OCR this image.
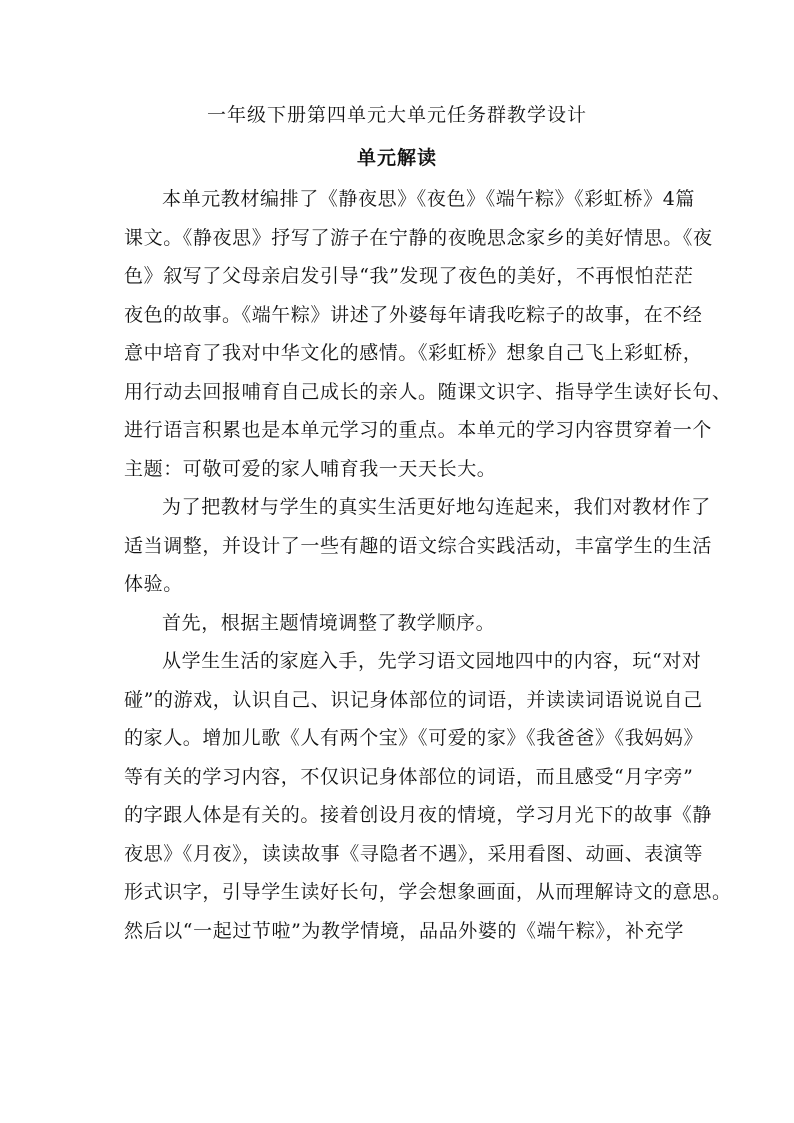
一年级下册第四单元大单元任务群教学设计
单元解读

本单元教材编排了《静夜思》《夜色》《端午粽》《彩虹桥》4篇
课文。《静夜思》抒写了游子在宁静的夜晚思念家乡的美好情思。《夜
色》叙写了父母亲启发引导“我”发现了夜色的美好，不再恨怕茫茫
夜色的故事。《端午粽》讲述了外婆每年请我吃粽子的故事，在不经
意中培育了我对中华文化的感情。《彩虹桥》想象自己飞上彩虹桥，
用行动去回报哺育自己成长的亲人。随课文识字、指导学生读好长句、
进行语言积累也是本单元学习的重点。本单元的学习内容贯穿着一个
主题：可敬可爱的家人哺育我一天天长大。

为了把教材与学生的真实生活更好地勾连起来，我们对教材作了
适当调整，并设计了一些有趣的语文综合实践活动，丰富学生的生活
体验。

首先，根据主题情境调整了教学顺序。

从学生生活的家庭入手，先学习语文园地四中的内容，玩“对对
碰”的游戏，认识自己、识记身体部位的词语，并读读词语说说自己
的家人。增加儿歌《人有两个宝》《可爱的家》《我爸爸》《我妈妈》
等有关的学习内容，不仅识记身体部位的词语，而且感受“月字旁”
的字跟人体是有关的。接着创设月夜的情境，学习月光下的故事《静
夜思》《月夜》，读读故事《寻隐者不遇》，采用看图、动画、表演等
形式识字，引导学生读好长句，学会想象画面，从而理解诗文的意思。
然后以“一起过节啦”为教学情境，品品外婆的《端午粽》，补充学
